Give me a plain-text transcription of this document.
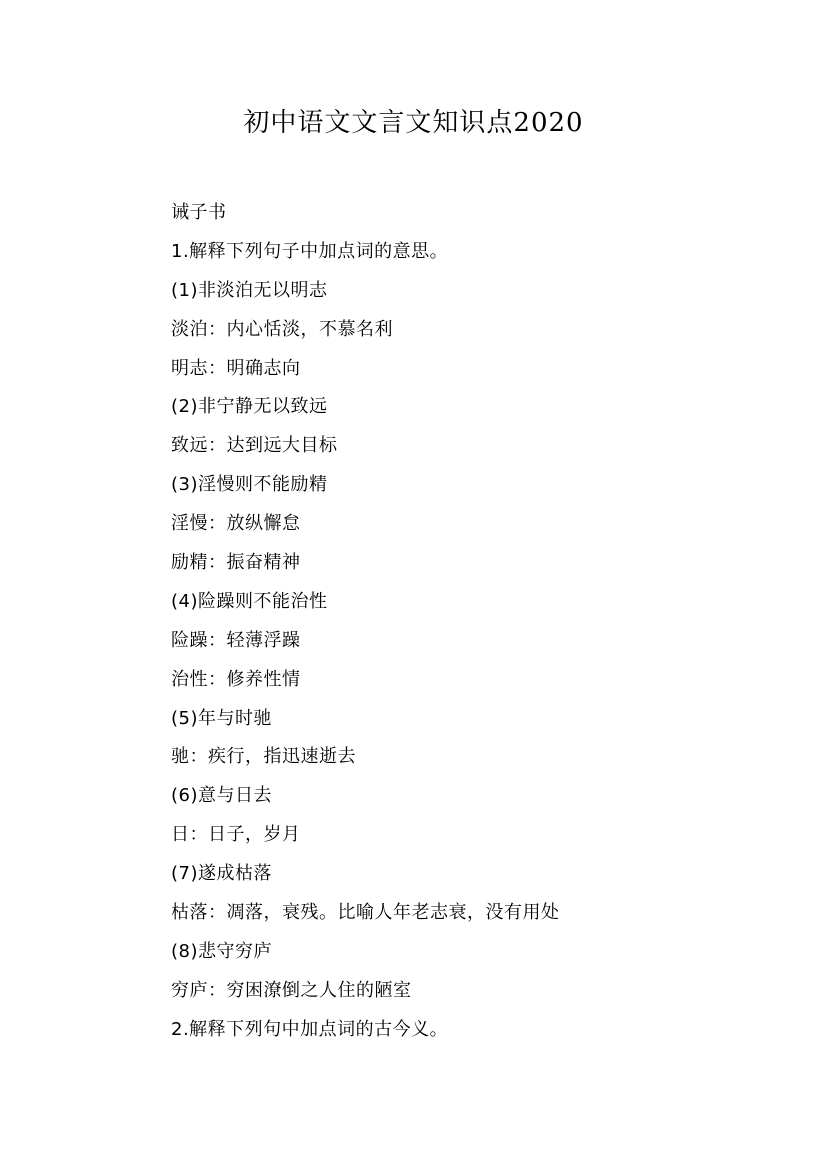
初中语文文言文知识点2020
诫子书
1.解释下列句子中加点词的意思。
(1)非淡泊无以明志
淡泊：内心恬淡，不慕名利
明志：明确志向
(2)非宁静无以致远
致远：达到远大目标
(3)淫慢则不能励精
淫慢：放纵懈怠
励精：振奋精神
(4)险躁则不能治性
险躁：轻薄浮躁
治性：修养性情
(5)年与时驰
驰：疾行，指迅速逝去
(6)意与日去
日：日子，岁月
(7)遂成枯落
枯落：凋落，衰残。比喻人年老志衰，没有用处
(8)悲守穷庐
穷庐：穷困潦倒之人住的陋室
2.解释下列句中加点词的古今义。
